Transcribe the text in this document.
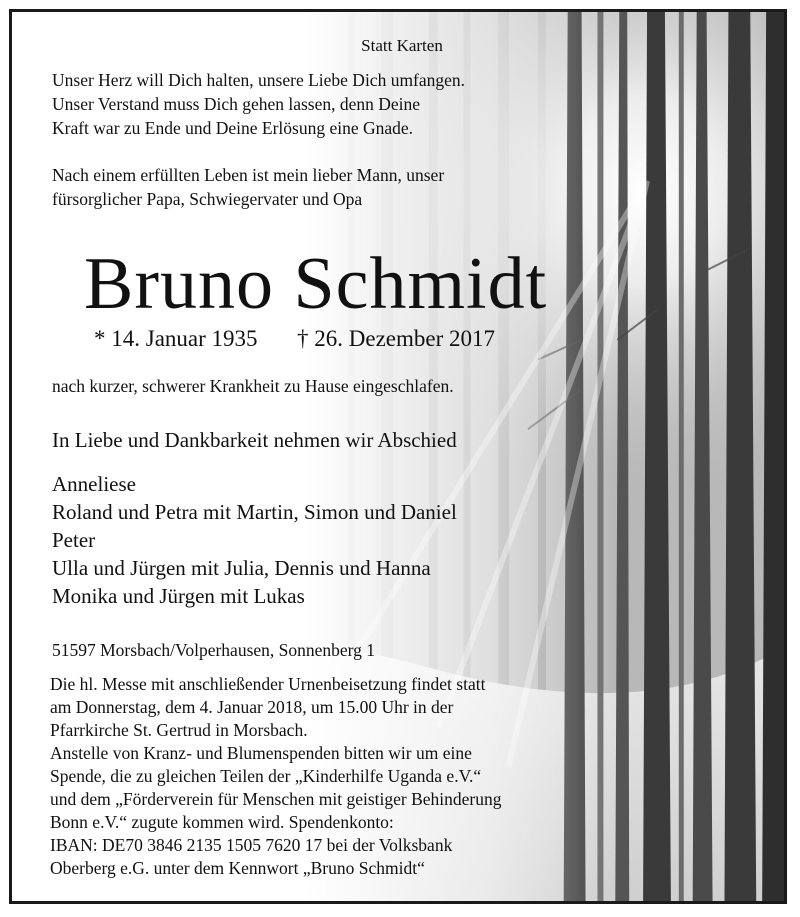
Statt Karten
Unser Herz will Dich halten, unsere Liebe Dich umfangen.
Unser Verstand muss Dich gehen lassen, denn Deine
Kraft war zu Ende und Deine Erlösung eine Gnade.
Nach einem erfüllten Leben ist mein lieber Mann, unser
fürsorglicher Papa, Schwiegervater und Opa
Bruno Schmidt
* 14. Januar 1935 † 26. Dezember 2017
nach kurzer, schwerer Krankheit zu Hause eingeschlafen.
In Liebe und Dankbarkeit nehmen wir Abschied
Anneliese
Roland und Petra mit Martin, Simon und Daniel
Peter
Ulla und Jürgen mit Julia, Dennis und Hanna
Monika und Jürgen mit Lukas
51597 Morsbach/Volperhausen, Sonnenberg 1
Die hl. Messe mit anschließender Urnenbeisetzung findet statt
am Donnerstag, dem 4. Januar 2018, um 15.00 Uhr in der
Pfarrkirche St. Gertrud in Morsbach.
Anstelle von Kranz- und Blumenspenden bitten wir um eine
Spende, die zu gleichen Teilen der „Kinderhilfe Uganda e.V.“
und dem „Förderverein für Menschen mit geistiger Behinderung
Bonn e.V.“ zugute kommen wird. Spendenkonto:
IBAN: DE70 3846 2135 1505 7620 17 bei der Volksbank
Oberberg e.G. unter dem Kennwort „Bruno Schmidt“
